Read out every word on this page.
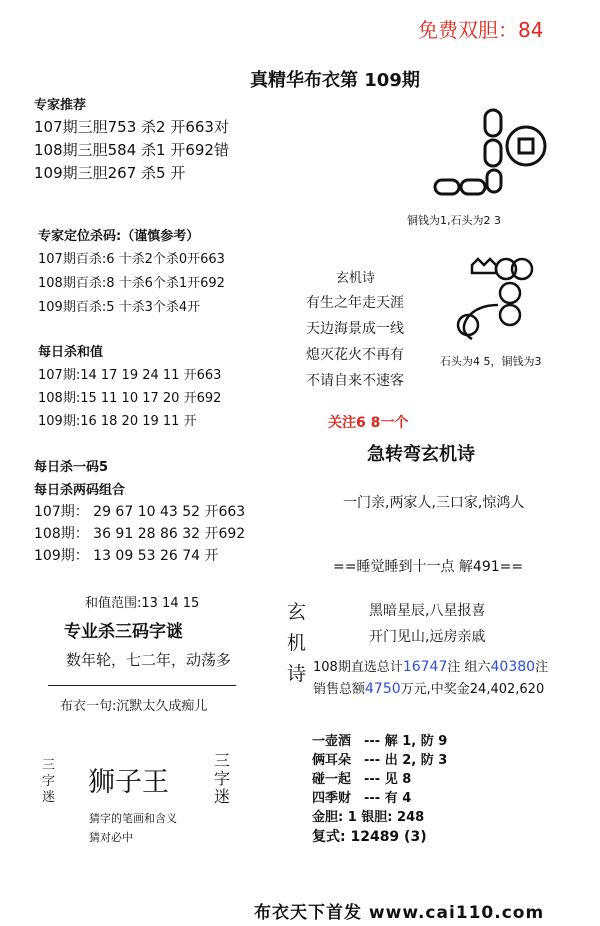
免费双胆：84
真精华布衣第 109期
专家推荐
107期三胆753 杀2 开663对
108期三胆584 杀1 开692错
109期三胆267 杀5 开
专家定位杀码:（谨慎参考）
107期百杀:6 十杀2个杀0开663
108期百杀:8 十杀6个杀1开692
109期百杀:5 十杀3个杀4开
每日杀和值
107期:14 17 19 24 11 开663
108期:15 11 10 17 20 开692
109期:16 18 20 19 11 开
每日杀一码5
每日杀两码组合
107期： 29 67 10 43 52 开663
108期： 36 91 28 86 32 开692
109期： 13 09 53 26 74 开
和值范围:13 14 15
专业杀三码字谜
数年轮，七二年，动荡多
布衣一句:沉默太久成痴儿
三字迷 狮子王
三字迷
猜字的笔画和含义
猜对必中
铜钱为1,石头为2 3
玄机诗
有生之年走天涯
天边海景成一线
熄灭花火不再有
不请自来不速客
石头为4 5，铜钱为3
关注6 8一个
急转弯玄机诗
一门亲,两家人,三口家,惊鸿人
==睡觉睡到十一点 解491==
玄
机
诗
黑暗星辰,八星报喜
开门见山,远房亲戚
108期直选总计16747注 组六40380注
销售总额4750万元,中奖金24,402,620
一壶酒 --- 解 1, 防 9
俩耳朵 --- 出 2, 防 3
碰一起 --- 见 8
四季财 --- 有 4
金胆: 1 银胆: 248
复式: 12489 (3)
布衣天下首发 www.cai110.com
